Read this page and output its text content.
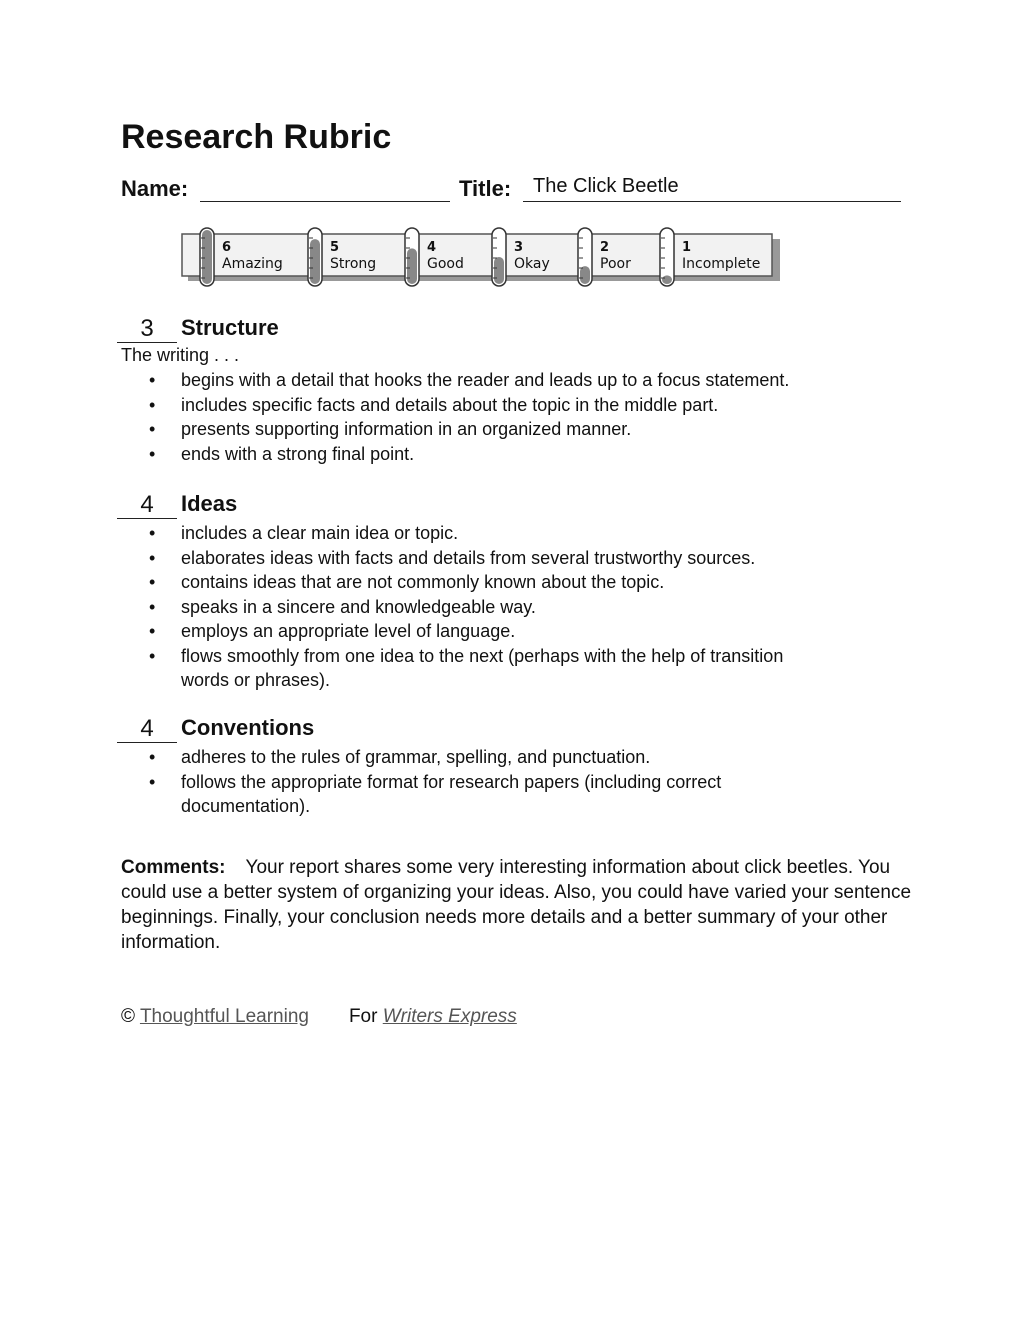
Research Rubric
Name:	Title: The Click Beetle
6
Amazing
5
Strong
4
Good
3
Okay
2
Poor
1
Incomplete
3	Structure
The writing . . .
• begins with a detail that hooks the reader and leads up to a focus statement.
• includes specific facts and details about the topic in the middle part.
• presents supporting information in an organized manner.
• ends with a strong final point.
4	Ideas
• includes a clear main idea or topic.
• elaborates ideas with facts and details from several trustworthy sources.
• contains ideas that are not commonly known about the topic.
• speaks in a sincere and knowledgeable way.
• employs an appropriate level of language.
• flows smoothly from one idea to the next (perhaps with the help of transition words or phrases).
4	Conventions
• adheres to the rules of grammar, spelling, and punctuation.
• follows the appropriate format for research papers (including correct documentation).
Comments: Your report shares some very interesting information about click beetles. You could use a better system of organizing your ideas. Also, you could have varied your sentence beginnings. Finally, your conclusion needs more details and a better summary of your other information.
© Thoughtful Learning For Writers Express
